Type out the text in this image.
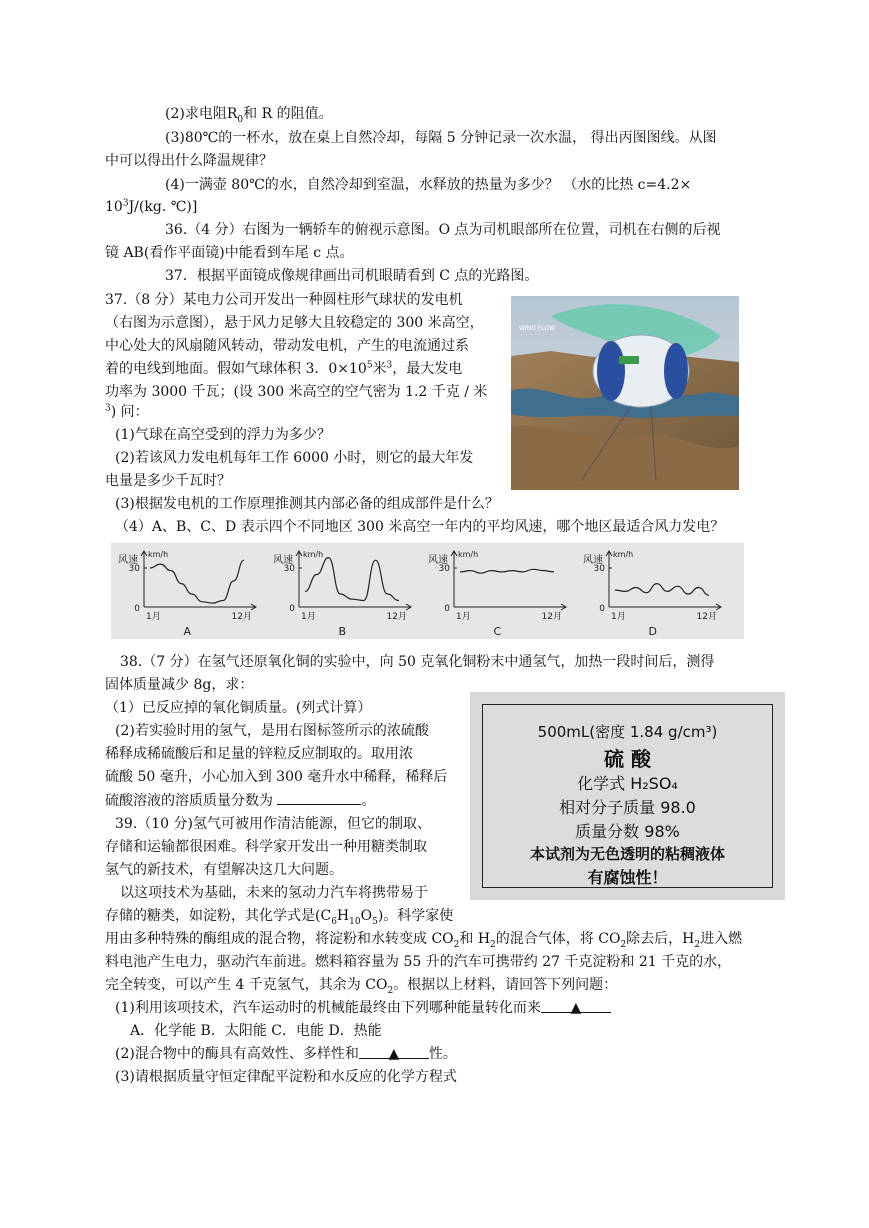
(2)求电阻$R_0$和 R 的阻值。
(3)80℃的一杯水，放在桌上自然冷却，每隔 5 分钟记录一次水温， 得出丙图图线。从图
中可以得出什么降温规律？
(4)一满壶 80℃的水，自然冷却到室温，水释放的热量为多少？ （水的比热 c=4.2×
$10^3J/(kg$. ℃)]
36.（4 分）右图为一辆轿车的俯视示意图。O 点为司机眼部所在位置，司机在右侧的后视
镜 AB(看作平面镜)中能看到车尾 c 点。
37．根据平面镜成像规律画出司机眼睛看到 C 点的光路图。
37.（8 分）某电力公司开发出一种圆柱形气球状的发电机
（右图为示意图），悬于风力足够大且较稳定的 300 米高空，
中心处大的风扇随风转动，带动发电机，产生的电流通过系
着的电线到地面。假如气球体积 3．$0\times 10^5$米$^3$，最大发电
功率为 3000 千瓦；(设 300 米高空的空气密为 1.2 千克 / 米
$^3$) 问：
(1)气球在高空受到的浮力为多少？
(2)若该风力发电机每年工作 6000 小时，则它的最大年发
电量是多少千瓦时？
(3)根据发电机的工作原理推测其内部必备的组成部件是什么？
（4）A、B、C、D 表示四个不同地区 300 米高空一年内的平均风速，哪个地区最适合风力发电？
WIND FLOW
风速
km/h
30
0
1月	12月
A
风速
km/h
30
0
1月	12月
B
风速
km/h
30
0
1月	12月
C
风速
km/h
30
0
1月	12月
D
38.（7 分）在氢气还原氧化铜的实验中，向 50 克氧化铜粉末中通氢气，加热一段时间后，测得
固体质量减少 8g，求：
（1）已反应掉的氧化铜质量。(列式计算）
(2)若实验时用的氢气，是用右图标签所示的浓硫酸
稀释成稀硫酸后和足量的锌粒反应制取的。取用浓
硫酸 50 毫升，小心加入到 300 毫升水中稀释，稀释后
硫酸溶液的溶质质量分数为	。
500mL(密度 1.84 g/cm³)
硫 酸
化学式 H₂SO₄
相对分子质量 98.0
质量分数 98%
本试剂为无色透明的粘稠液体
有腐蚀性！
39.（10 分)氢气可被用作清洁能源，但它的制取、
存储和运输都很困难。科学家开发出一种用糖类制取
氢气的新技术，有望解决这几大问题。
以这项技术为基础，未来的氢动力汽车将携带易于
存储的糖类，如淀粉，其化学式是$(C_6H_{10}O_5)$。科学家使
用由多种特殊的酶组成的混合物，将淀粉和水转变成 $CO_2$和 $H_2$的混合气体，将 $CO_2$除去后，$H_2$进入燃
料电池产生电力，驱动汽车前进。燃料箱容量为 55 升的汽车可携带约 27 千克淀粉和 21 千克的水，
完全转变，可以产生 4 千克氢气，其余为 $CO_2$。根据以上材料，请回答下列问题：
(1)利用该项技术，汽车运动时的机械能最终由下列哪种能量转化而来 ▲
A．化学能 B．太阳能 C．电能 D．热能
(2)混合物中的酶具有高效性、多样性和 ▲ 性。
(3)请根据质量守恒定律配平淀粉和水反应的化学方程式
